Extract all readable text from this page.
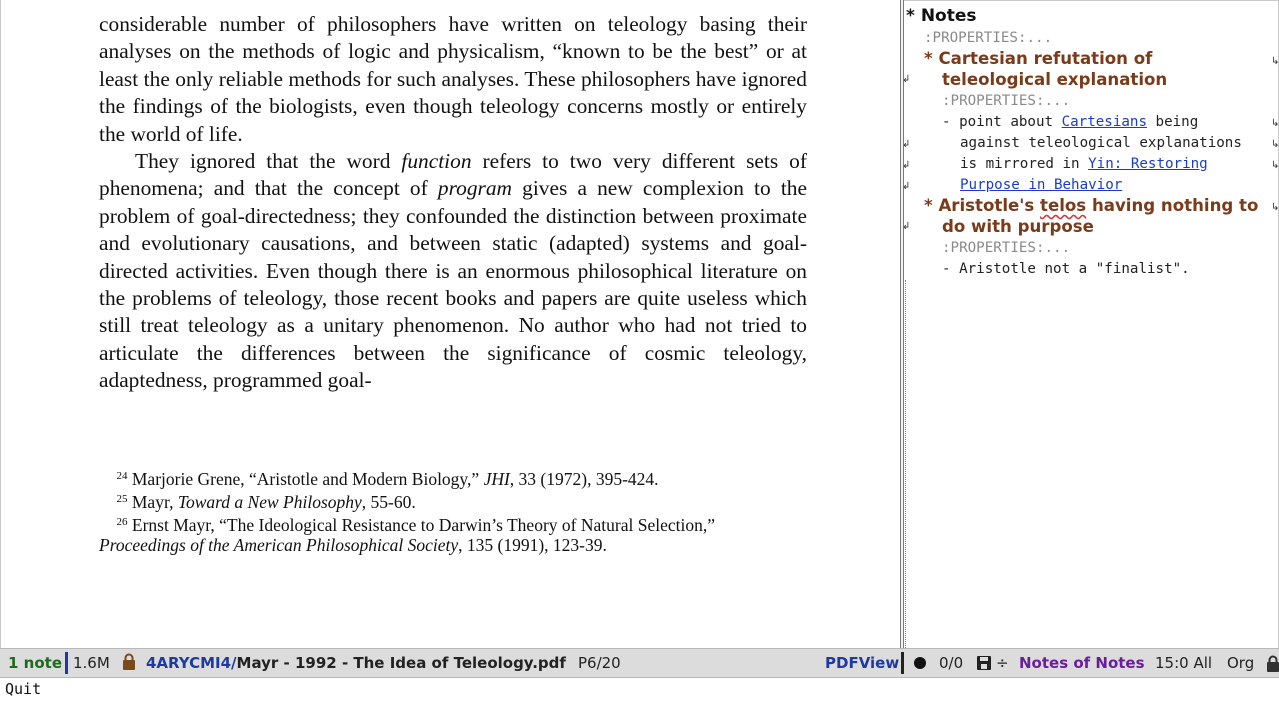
considerable number of philosophers have written on teleology basing their analyses on the methods of logic and physicalism, “known to be the best” or at least the only reliable methods for such analyses. These philosophers have ignored the findings of the biologists, even though teleology concerns mostly or entirely the world of life.

They ignored that the word function refers to two very different sets of phenomena; and that the concept of program gives a new complexion to the problem of goal-directedness; they confounded the distinction between proximate and evolutionary causations, and between static (adapted) systems and goal-directed activities. Even though there is an enormous philosophical literature on the problems of teleology, those recent books and papers are quite useless which still treat teleology as a unitary phenomenon. No author who had not tried to articulate the differences between the significance of cosmic teleology, adaptedness, programmed goal-

$^{24}$ Marjorie Grene, “Aristotle and Modern Biology,” JHI, 33 (1972), 395-424.
$^{25}$ Mayr, Toward a New Philosophy, 55-60.
$^{26}$ Ernst Mayr, “The Ideological Resistance to Darwin’s Theory of Natural Selection,”
Proceedings of the American Philosophical Society, 135 (1991), 123-39.
* Notes
:PROPERTIES:...
* Cartesian refutation of
teleological explanation
:PROPERTIES:...
- point about Cartesians being
against teleological explanations
is mirrored in Yin: Restoring
Purpose in Behavior
* Aristotle's telos having nothing to
do with purpose
:PROPERTIES:...
- Aristotle not a "finalist".
↲
↲
↲
↲
↲
↳
↳
↳
↳
↳
1 note 1.6M 4ARYCMI4/Mayr - 1992 - The Idea of Teleology.pdf P6/20	PDFView	0/0 ÷ Notes of Notes 15:0 All Org
Quit
